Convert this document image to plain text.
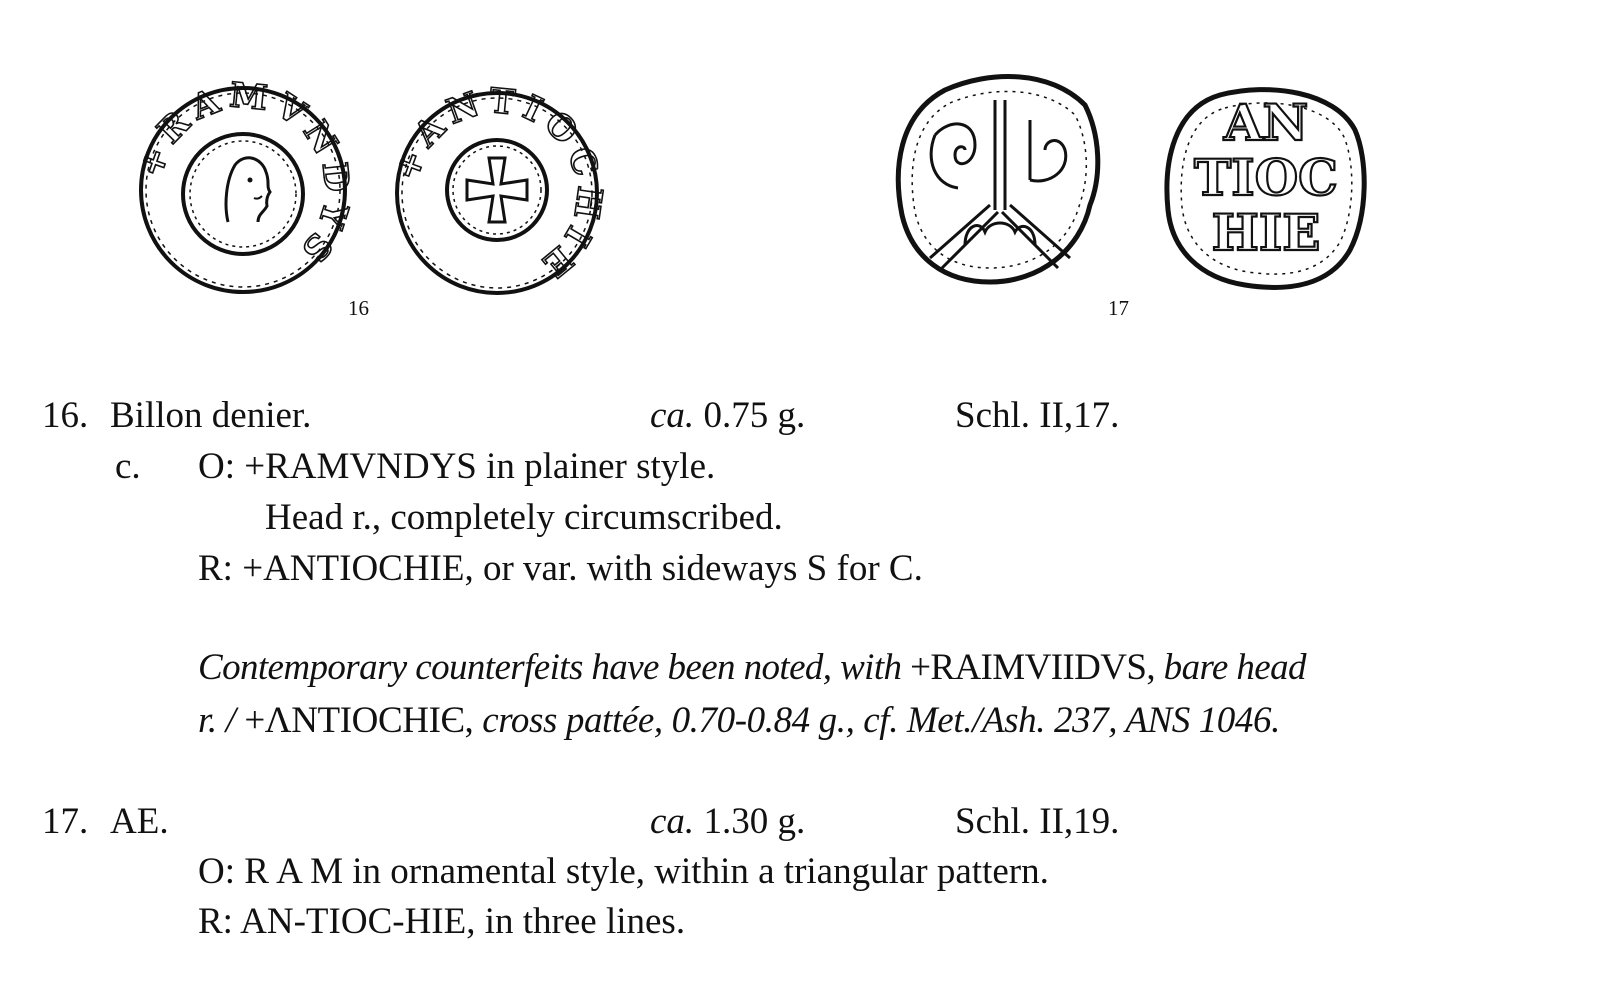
+RAMVNDYS
+ANTIOCHIE
AN
TIOC
HIE
16	17
16. Billon denier.	ca. 0.75 g.	Schl. II,17.
c. O: +RAMVNDYS in plainer style.
Head r., completely circumscribed.
R: +ANTIOCHIE, or var. with sideways S for C.
Contemporary counterfeits have been noted, with +RAIMVIIDVS, bare head
r. / +ΛNTIOCHIЄ, cross pattée, 0.70-0.84 g., cf. Met./Ash. 237, ANS 1046.
17. AE.	ca. 1.30 g.	Schl. II,19.
O: R A M in ornamental style, within a triangular pattern.
R: AN-TIOC-HIE, in three lines.
